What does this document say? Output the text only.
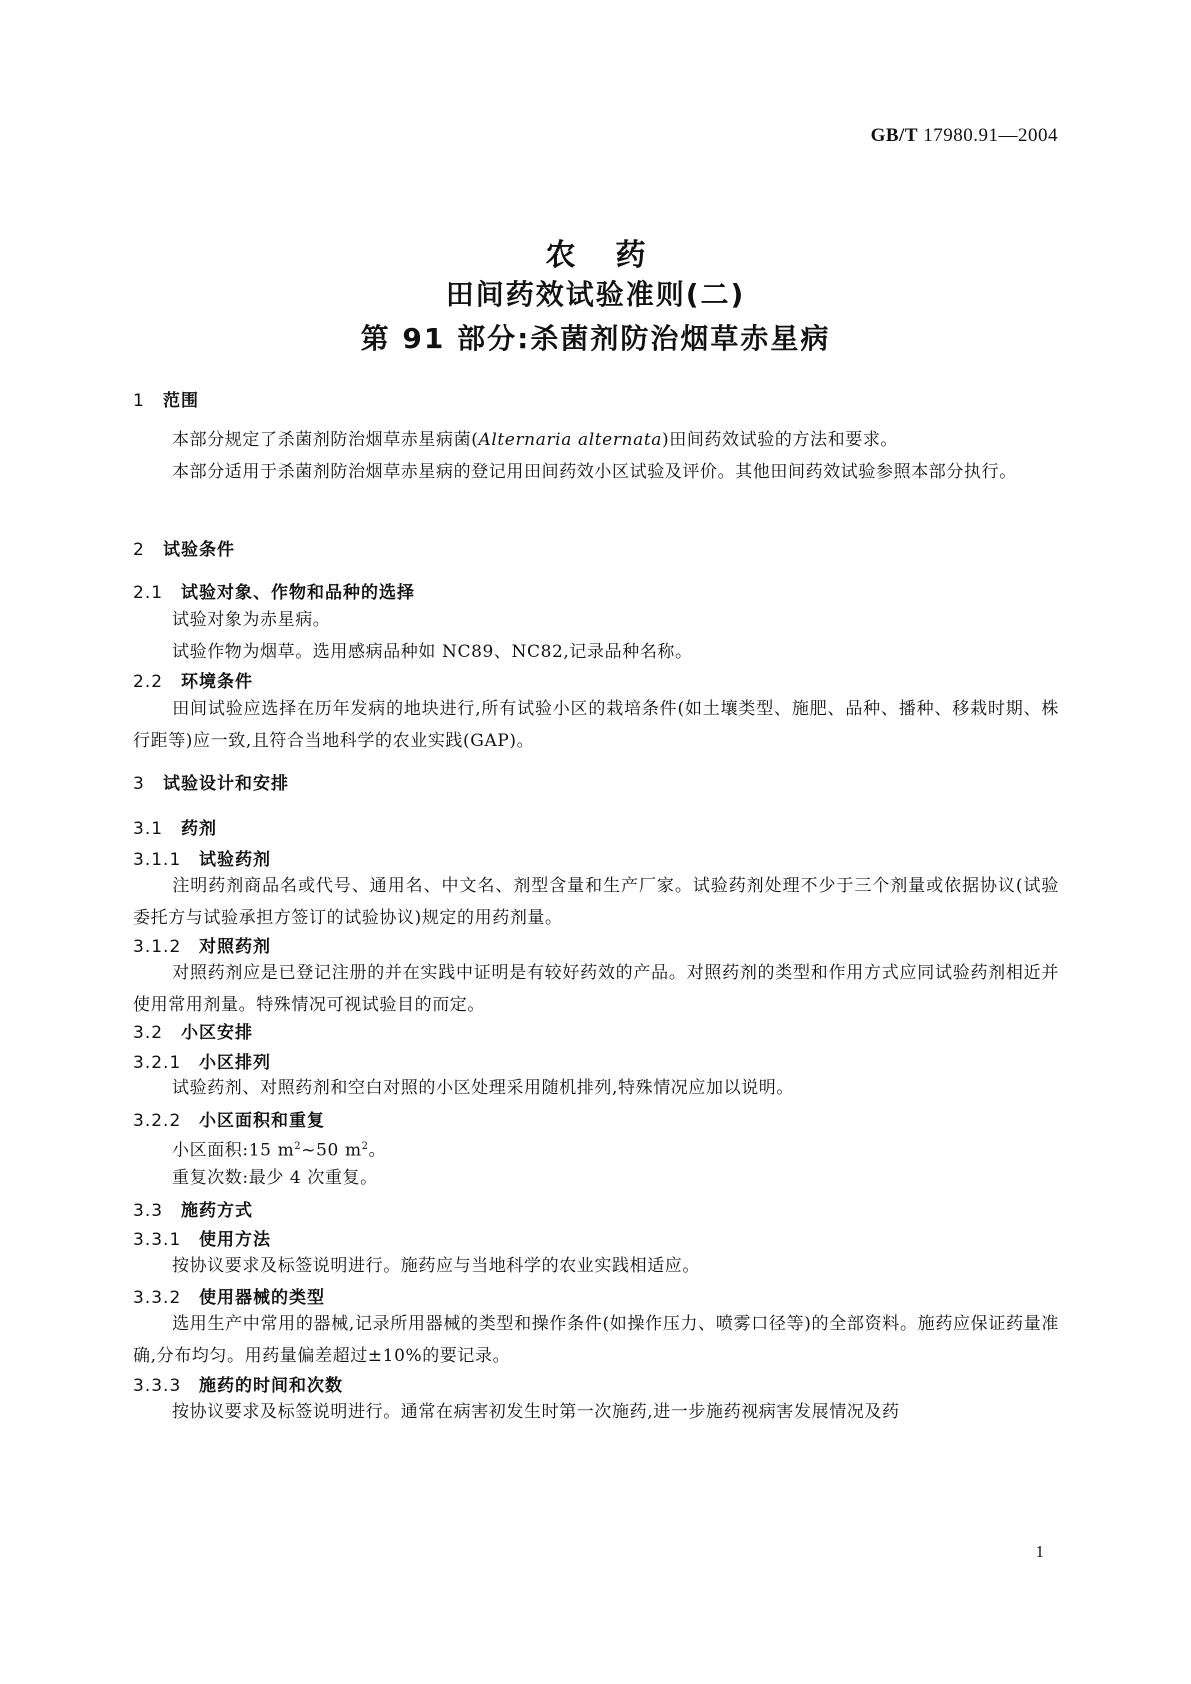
GB/T 17980.91—2004
农药
田间药效试验准则(二)
第 91 部分:杀菌剂防治烟草赤星病
1 范围
本部分规定了杀菌剂防治烟草赤星病菌(Alternaria alternata)田间药效试验的方法和要求。
本部分适用于杀菌剂防治烟草赤星病的登记用田间药效小区试验及评价。其他田间药效试验参照本部分执行。
2 试验条件
2.1 试验对象、作物和品种的选择
试验对象为赤星病。
试验作物为烟草。选用感病品种如 NC89、NC82,记录品种名称。
2.2 环境条件
田间试验应选择在历年发病的地块进行,所有试验小区的栽培条件(如土壤类型、施肥、品种、播种、移栽时期、株行距等)应一致,且符合当地科学的农业实践(GAP)。
3 试验设计和安排
3.1 药剂
3.1.1 试验药剂
注明药剂商品名或代号、通用名、中文名、剂型含量和生产厂家。试验药剂处理不少于三个剂量或依据协议(试验委托方与试验承担方签订的试验协议)规定的用药剂量。
3.1.2 对照药剂
对照药剂应是已登记注册的并在实践中证明是有较好药效的产品。对照药剂的类型和作用方式应同试验药剂相近并使用常用剂量。特殊情况可视试验目的而定。
3.2 小区安排
3.2.1 小区排列
试验药剂、对照药剂和空白对照的小区处理采用随机排列,特殊情况应加以说明。
3.2.2 小区面积和重复
小区面积:15 $m^2\sim 50$ $m^2$。
重复次数:最少 4 次重复。
3.3 施药方式
3.3.1 使用方法
按协议要求及标签说明进行。施药应与当地科学的农业实践相适应。
3.3.2 使用器械的类型
选用生产中常用的器械,记录所用器械的类型和操作条件(如操作压力、喷雾口径等)的全部资料。施药应保证药量准确,分布均匀。用药量偏差超过±10%的要记录。
3.3.3 施药的时间和次数
按协议要求及标签说明进行。通常在病害初发生时第一次施药,进一步施药视病害发展情况及药
1
